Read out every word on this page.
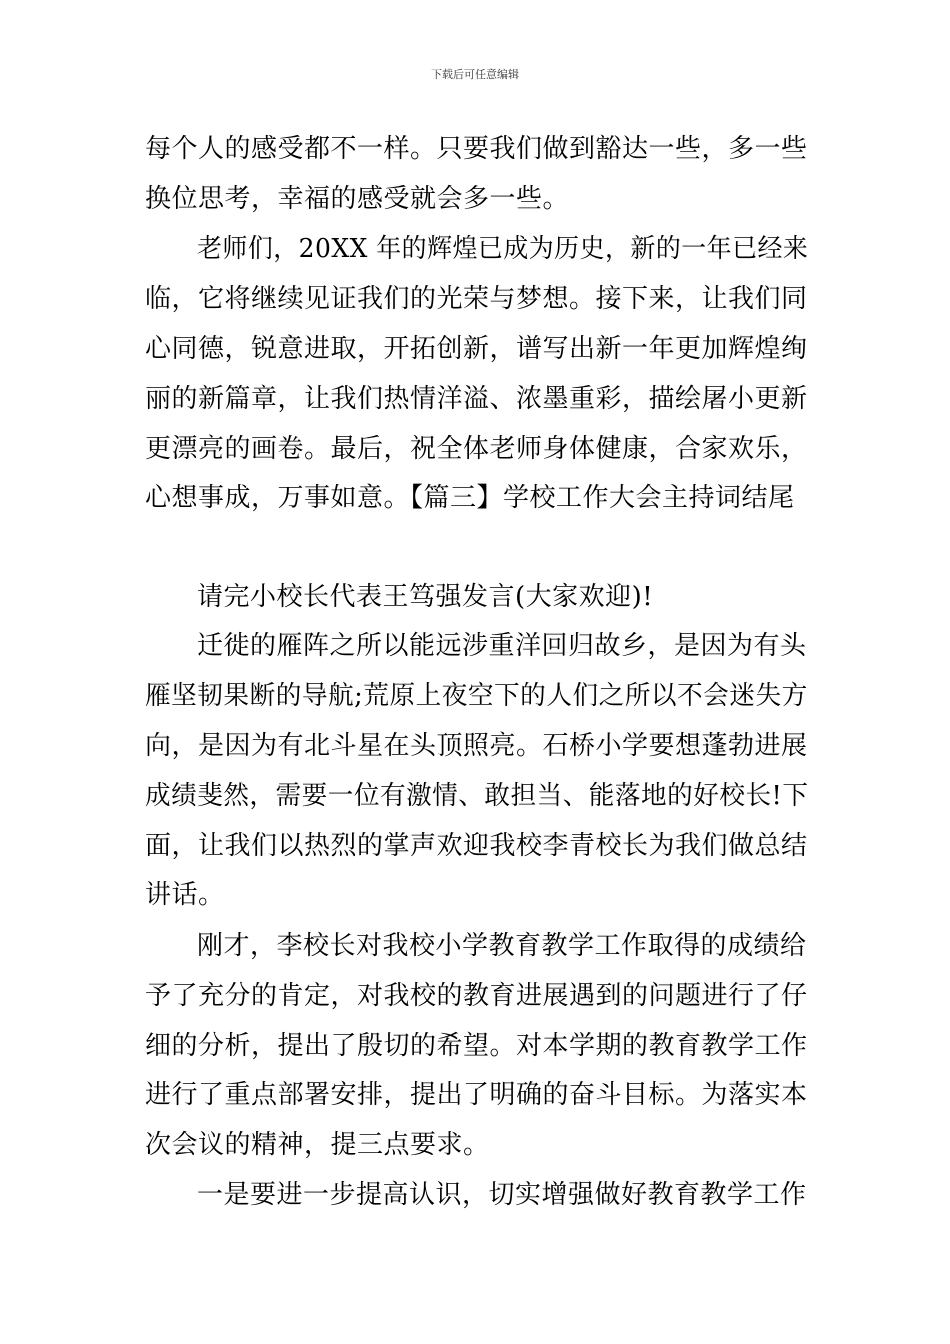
下载后可任意编辑
每个人的感受都不一样。只要我们做到豁达一些，多一些
换位思考，幸福的感受就会多一些。
老师们，20XX 年的辉煌已成为历史，新的一年已经来
临，它将继续见证我们的光荣与梦想。接下来，让我们同
心同德，锐意进取，开拓创新，谱写出新一年更加辉煌绚
丽的新篇章，让我们热情洋溢、浓墨重彩，描绘屠小更新
更漂亮的画卷。最后，祝全体老师身体健康，合家欢乐，
心想事成，万事如意。【篇三】学校工作大会主持词结尾
请完小校长代表王笃强发言(大家欢迎)!
迁徙的雁阵之所以能远涉重洋回归故乡，是因为有头
雁坚韧果断的导航;荒原上夜空下的人们之所以不会迷失方
向，是因为有北斗星在头顶照亮。石桥小学要想蓬勃进展
成绩斐然，需要一位有激情、敢担当、能落地的好校长!下
面，让我们以热烈的掌声欢迎我校李青校长为我们做总结
讲话。
刚才，李校长对我校小学教育教学工作取得的成绩给
予了充分的肯定，对我校的教育进展遇到的问题进行了仔
细的分析，提出了殷切的希望。对本学期的教育教学工作
进行了重点部署安排，提出了明确的奋斗目标。为落实本
次会议的精神，提三点要求。
一是要进一步提高认识，切实增强做好教育教学工作
